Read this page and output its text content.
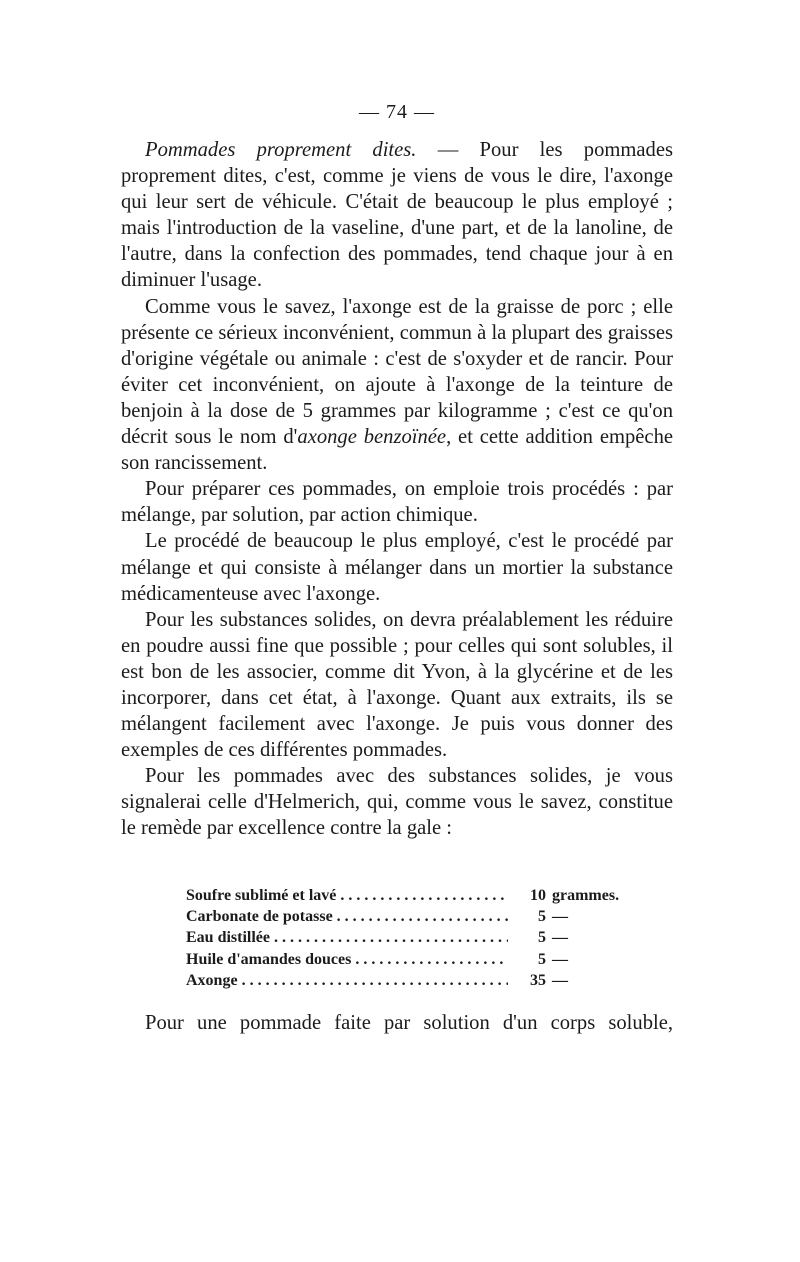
— 74 —

Pommades proprement dites. — Pour les pommades proprement dites, c'est, comme je viens de vous le dire, l'axonge qui leur sert de véhicule. C'était de beaucoup le plus employé ; mais l'introduction de la vaseline, d'une part, et de la lanoline, de l'autre, dans la confection des pommades, tend chaque jour à en diminuer l'usage.

Comme vous le savez, l'axonge est de la graisse de porc ; elle présente ce sérieux inconvénient, commun à la plupart des graisses d'origine végétale ou animale : c'est de s'oxyder et de rancir. Pour éviter cet inconvénient, on ajoute à l'axonge de la teinture de benjoin à la dose de 5 grammes par kilogramme ; c'est ce qu'on décrit sous le nom d'axonge benzoïnée, et cette addition empêche son rancissement.

Pour préparer ces pommades, on emploie trois procédés : par mélange, par solution, par action chimique.

Le procédé de beaucoup le plus employé, c'est le procédé par mélange et qui consiste à mélanger dans un mortier la substance médicamenteuse avec l'axonge.

Pour les substances solides, on devra préalablement les réduire en poudre aussi fine que possible ; pour celles qui sont solubles, il est bon de les associer, comme dit Yvon, à la glycérine et de les incorporer, dans cet état, à l'axonge. Quant aux extraits, ils se mélangent facilement avec l'axonge. Je puis vous donner des exemples de ces différentes pommades.

Pour les pommades avec des substances solides, je vous signalerai celle d'Helmerich, qui, comme vous le savez, constitue le remède par excellence contre la gale :

Soufre sublimé et lavé . . .	10 grammes.
Carbonate de potasse . . .	5 —
Eau distillée . . .	5 —
Huile d'amandes douces . . .	5 —
Axonge . . .	35 —
Pour une pommade faite par solution d'un corps soluble,
